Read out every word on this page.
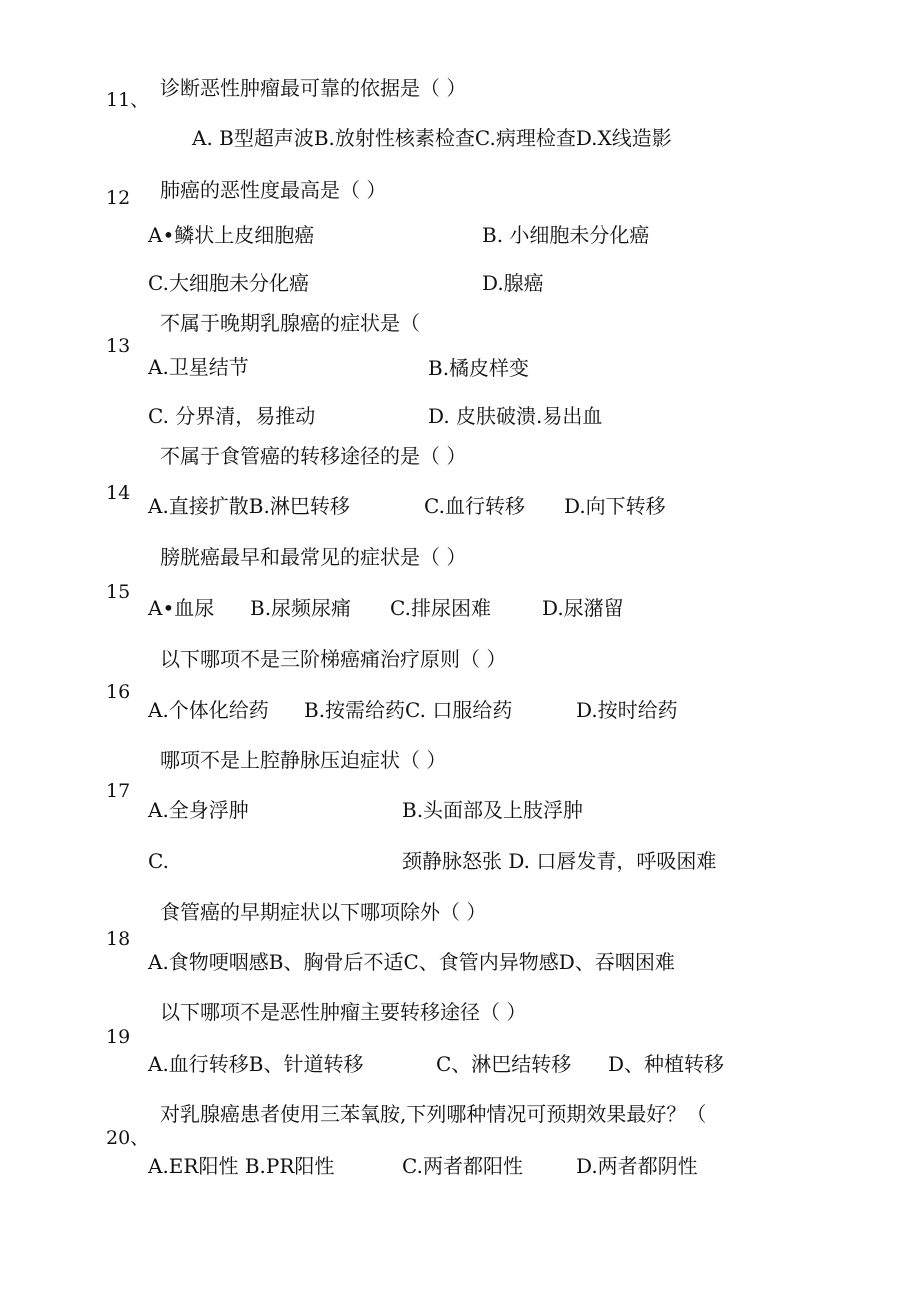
11、 诊断恶性肿瘤最可靠的依据是（ ）
A. B型超声波B.放射性核素检查C.病理检查D.X线造影
12 肺癌的恶性度最高是（ ）
A•鳞状上皮细胞癌	B. 小细胞未分化癌
C.大细胞未分化癌	D.腺癌
不属于晚期乳腺癌的症状是（
13
A.卫星结节	B.橘皮样变
C. 分界清，易推动	D. 皮肤破溃.易出血
不属于食管癌的转移途径的是（ ）
14
A.直接扩散B.淋巴转移	C.血行转移 D.向下转移
膀胱癌最早和最常见的症状是（ ）
15
A•血尿 B.尿频尿痛 C.排尿困难	D.尿潴留
以下哪项不是三阶梯癌痛治疗原则（ ）
16
A.个体化给药 B.按需给药C. 口服给药	D.按时给药
哪项不是上腔静脉压迫症状（ ）
17
A.全身浮肿	B.头面部及上肢浮肿
C.	颈静脉怒张 D. 口唇发青，呼吸困难
食管癌的早期症状以下哪项除外（ ）
18
A.食物哽咽感B、胸骨后不适C、食管内异物感D、吞咽困难
以下哪项不是恶性肿瘤主要转移途径（ ）
19
A.血行转移B、针道转移	C、淋巴结转移 D、种植转移
对乳腺癌患者使用三苯氧胺,下列哪种情况可预期效果最好？（
20、
A.ER阳性 B.PR阳性	C.两者都阳性	D.两者都阴性
